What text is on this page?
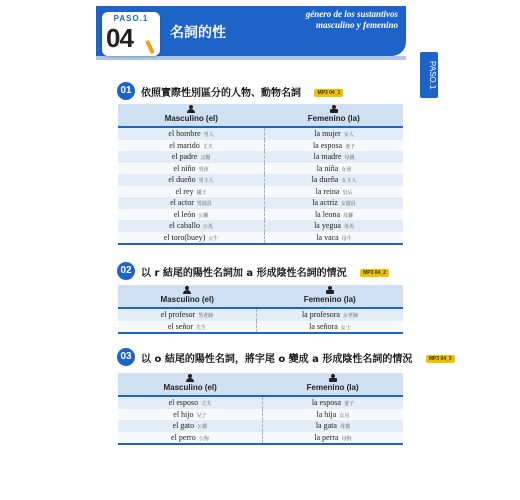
PASO.1
04	名詞的性
género de los sustantivos
masculino y femenino
PASO.1
01 依照實際性別區分的人物、動物名詞	MP3 04_1
Masculino (el)	Femenino (la)

el hombre 男人	la mujer 女人
el marido 丈夫	la esposa 妻子
el padre 父親	la madre 母親
el niño 男孩	la niña 女孩
el dueño 男主人	la dueña 女主人
el rey 國王	la reina 皇后
el actor 男演員	la actriz 女演員
el león 公獅	la leona 母獅
el caballo 公馬	la yegua 母馬
el toro(buey) 公牛	la vaca 母牛
02 以 r 結尾的陽性名詞加 a 形成陰性名詞的情況	MP3 04_2
Masculino (el)	Femenino (la)

el profesor 男老師	la profesora 女老師
el señor 先生	la señora 女士
03 以 o 結尾的陽性名詞，將字尾 o 變成 a 形成陰性名詞的情況	MP3 04_3
Masculino (el)	Femenino (la)

el esposo 丈夫	la esposa 妻子
el hijo 兒子	la hija 女兒
el gato 公貓	la gata 母貓
el perro 公狗	la perra 母狗
